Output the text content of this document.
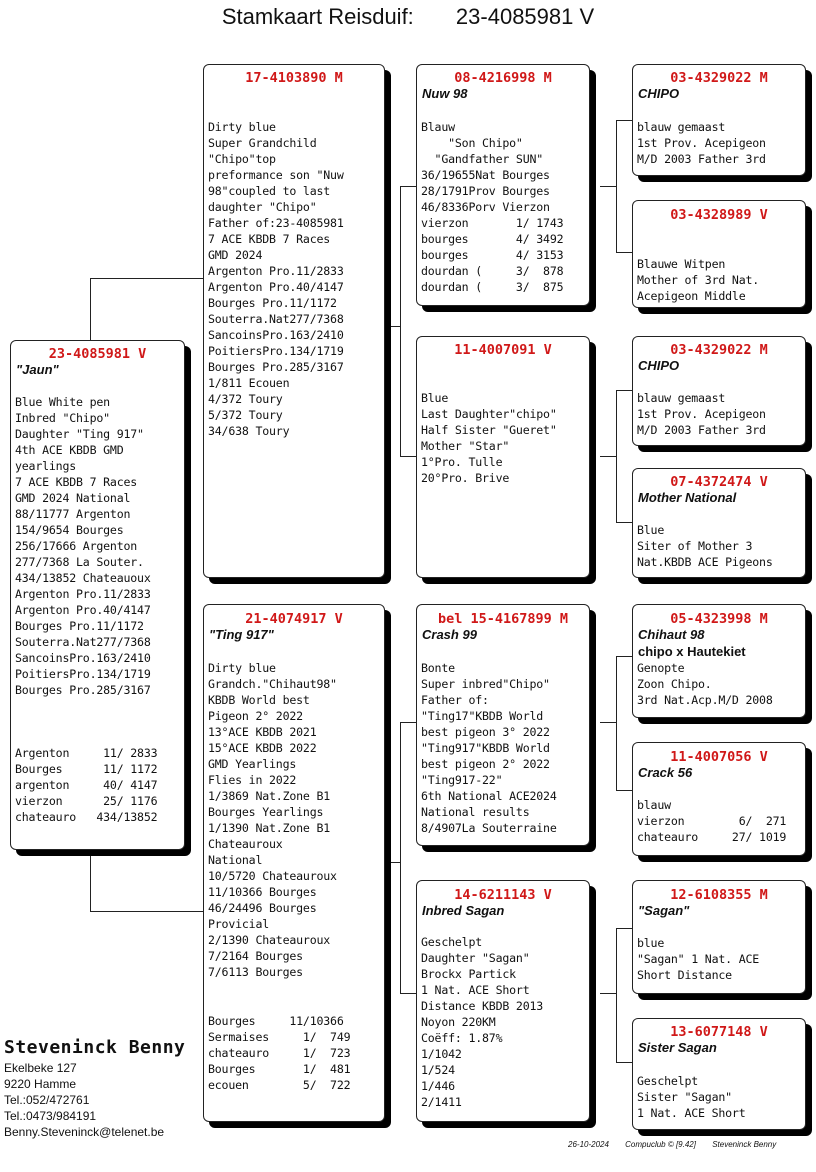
Stamkaart Reisduif: 23-4085981 V
23-4085981 V
"Jaun"
Blue White pen
Inbred "Chipo"
Daughter "Ting 917"
4th ACE KBDB GMD
yearlings
7 ACE KBDB 7 Races
GMD 2024 National
88/11777 Argenton
154/9654 Bourges
256/17666 Argenton
277/7368 La Souter.
434/13852 Chateauoux
Argenton Pro.11/2833
Argenton Pro.40/4147
Bourges Pro.11/1172
Souterra.Nat277/7368
SancoinsPro.163/2410
PoitiersPro.134/1719
Bourges Pro.285/3167
Argenton     11/ 2833
Bourges      11/ 1172
argenton     40/ 4147
vierzon      25/ 1176
chateauro   434/13852
17-4103890 M
Dirty blue
Super Grandchild
"Chipo"top
preformance son "Nuw
98"coupled to last
daughter "Chipo"
Father of:23-4085981
7 ACE KBDB 7 Races
GMD 2024
Argenton Pro.11/2833
Argenton Pro.40/4147
Bourges Pro.11/1172
Souterra.Nat277/7368
SancoinsPro.163/2410
PoitiersPro.134/1719
Bourges Pro.285/3167
1/811 Ecouen
4/372 Toury
5/372 Toury
34/638 Toury
21-4074917 V
"Ting 917"
Dirty blue
Grandch."Chihaut98"
KBDB World best
Pigeon 2° 2022
13°ACE KBDB 2021
15°ACE KBDB 2022
GMD Yearlings
Flies in 2022
1/3869 Nat.Zone B1
Bourges Yearlings
1/1390 Nat.Zone B1
Chateauroux
National
10/5720 Chateauroux
11/10366 Bourges
46/24496 Bourges
Provicial
2/1390 Chateauroux
7/2164 Bourges
7/6113 Bourges
Bourges     11/10366
Sermaises     1/  749
chateauro     1/  723
Bourges       1/  481
ecouen        5/  722
08-4216998 M
Nuw 98
Blauw
"Son Chipo"
"Gandfather SUN"
36/19655Nat Bourges
28/1791Prov Bourges
46/8336Porv Vierzon
vierzon       1/ 1743
bourges       4/ 3492
bourges       4/ 3153
dourdan (     3/  878
dourdan (     3/  875
11-4007091 V
Blue
Last Daughter"chipo"
Half Sister "Gueret"
Mother "Star"
1°Pro. Tulle
20°Pro. Brive
bel 15-4167899 M
Crash 99
Bonte
Super inbred"Chipo"
Father of:
"Ting17"KBDB World
best pigeon 3° 2022
"Ting917"KBDB World
best pigeon 2° 2022
"Ting917-22"
6th National ACE2024
National results
8/4907La Souterraine
14-6211143 V
Inbred Sagan
Geschelpt
Daughter "Sagan"
Brockx Partick
1 Nat. ACE Short
Distance KBDB 2013
Noyon 220KM
Coëff: 1.87%
1/1042
1/524
1/446
2/1411
03-4329022 M
CHIPO
blauw gemaast
1st Prov. Acepigeon
M/D 2003 Father 3rd
03-4328989 V
Blauwe Witpen
Mother of 3rd Nat.
Acepigeon Middle
03-4329022 M
CHIPO
blauw gemaast
1st Prov. Acepigeon
M/D 2003 Father 3rd
07-4372474 V
Mother National
Blue
Siter of Mother 3
Nat.KBDB ACE Pigeons
05-4323998 M
Chihaut 98
chipo x Hautekiet
Genopte
Zoon Chipo.
3rd Nat.Acp.M/D 2008
11-4007056 V
Crack 56
blauw
vierzon        6/  271
chateauro     27/ 1019
12-6108355 M
"Sagan"
blue
"Sagan" 1 Nat. ACE
Short Distance
13-6077148 V
Sister Sagan
Geschelpt
Sister "Sagan"
1 Nat. ACE Short
Steveninck Benny
Ekelbeke 127
9220 Hamme
Tel.:052/472761
Tel.:0473/984191
Benny.Steveninck@telenet.be
26-10-2024 Compuclub © [9.42] Steveninck Benny
